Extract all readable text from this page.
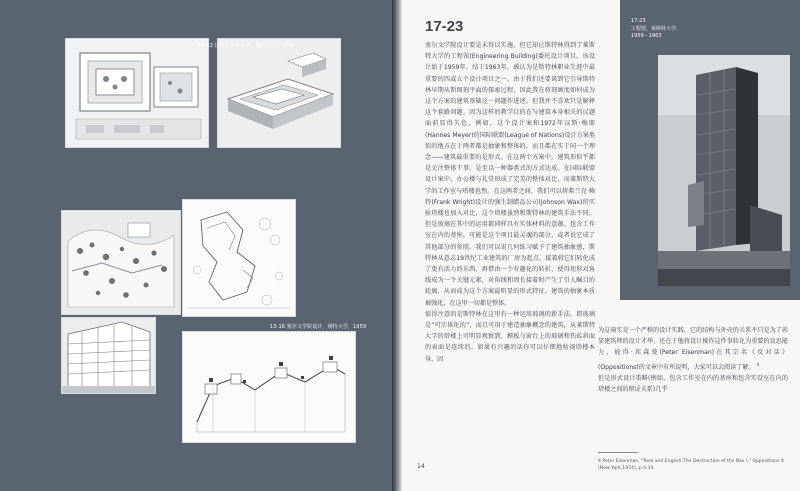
11-12 比尔克学院设计，刚特大学，1958
13-16 塞尔文学院设计，刚特大学，1959
17-23
塞尔文学院设计要是未得以实施，但它却让斯特林得到了莱斯特大学的工程馆(Engineering Building)委托设计项目。该设计始于1959年，结于1963年，被认为是斯特林职业生涯中最重要的四或五个设计项目之一。由于我们还要谈到它引导斯特林早期从斯图刻平面的探索过程，因此我在将刻画度如何成为这个方案的建筑基础这一问题作进述。但我并不喜欢只是解释这个套路问题。因为这样的教学目的在与建筑本身相关的议题面前显得失色，例如，这个设计案和1972年汉斯·梅耶(Hannes Meyer)的国际联盟(League of Nations)设计方案类似的地方在于两者都是抽象和整体的，而且都在实于同一个理念——建筑最重要的是形式。在这两个方案中，建筑形似乎都是关注整体干事，是至以一种器类式的方式达成。在国际联盟设计案中，办公楼与礼堂形成了完美的整体对比，而莱斯特大学的工作室与塔楼也然。在这两者之间，我们可以将弗兰克·赖特(Frank Wright)设计的强生制蜡品公司(Johnson Wax)的实验塔楼也加入对比，这个塔楼虽然和斯特林的建筑手法不同，但是玻璃在其中的运用都同样具有实体材料的意蕴。包含工作室在内的基座，可能是这个项目最灵魂的部分，或者说它成了其他部分的参照。我们可以说几何练习赋予了建筑抽象感，斯特林从意志19世纪工业建筑的厂房为起点，接着将它们转化成了更有活力的东西，再借由一个有趣化的转折，使得矩形对角线成为一个关键元素，对角线和周长接着时产生了引人瞩目的轮廓，从而成为这个方案最明显的形式特征，建筑的抽象本质被强化，在这里一切都是整体。
值得注意的是斯特林在这里有一种运用玻璃的新手法，即玻璃是“可实体化的”，而且可用于建造抽象概念的建筑，从莱斯特大学的塔楼上可明显观察到，模板与窗台上的玻璃和伤砖斜面的表面是连续的。如果有兴趣的话你可以仔细地检视塔楼本身，因
17-23
工程馆，莱斯特大学，
1959－1963
为这扇实是一个严格的设计实践，它的结构与外壳的关系不只是为了彰显建筑师的设计才华，还在于他将设计操作这件事转化为重要的反思能力，彼得·埃森曼(Peter Eisenman)在其宗名《反对话》(Oppositions)的文章中有所说明，大家可以去阅读了解。 $^4$
但是形式设计策略(例如，包含工作室在内的基座和包含实设室在内的塔楼之间的辩证关系)几乎
4 Peter Eisenman, "Real and English:The Destruction of the Box I," Oppositions 4 (New York,1974), p.5-34.
14
